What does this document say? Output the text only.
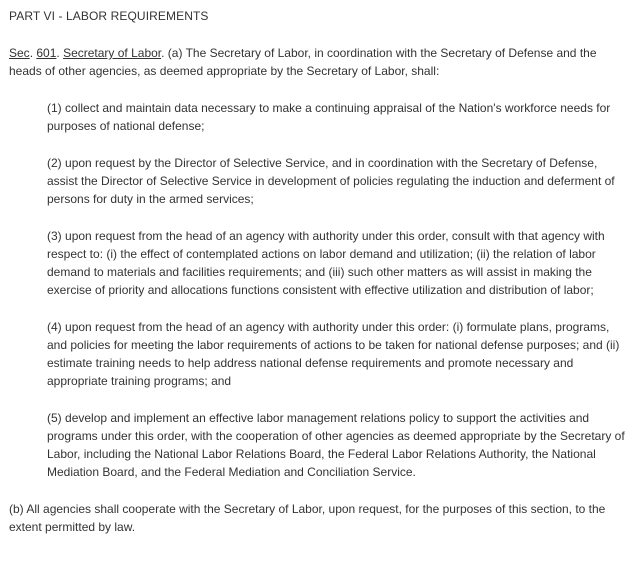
PART VI - LABOR REQUIREMENTS

Sec. 601. Secretary of Labor. (a) The Secretary of Labor, in coordination with the Secretary of Defense and the heads of other agencies, as deemed appropriate by the Secretary of Labor, shall:

(1) collect and maintain data necessary to make a continuing appraisal of the Nation's workforce needs for purposes of national defense;

(2) upon request by the Director of Selective Service, and in coordination with the Secretary of Defense, assist the Director of Selective Service in development of policies regulating the induction and deferment of persons for duty in the armed services;

(3) upon request from the head of an agency with authority under this order, consult with that agency with respect to: (i) the effect of contemplated actions on labor demand and utilization; (ii) the relation of labor demand to materials and facilities requirements; and (iii) such other matters as will assist in making the exercise of priority and allocations functions consistent with effective utilization and distribution of labor;

(4) upon request from the head of an agency with authority under this order: (i) formulate plans, programs, and policies for meeting the labor requirements of actions to be taken for national defense purposes; and (ii) estimate training needs to help address national defense requirements and promote necessary and appropriate training programs; and

(5) develop and implement an effective labor management relations policy to support the activities and programs under this order, with the cooperation of other agencies as deemed appropriate by the Secretary of Labor, including the National Labor Relations Board, the Federal Labor Relations Authority, the National Mediation Board, and the Federal Mediation and Conciliation Service.

(b) All agencies shall cooperate with the Secretary of Labor, upon request, for the purposes of this section, to the extent permitted by law.
